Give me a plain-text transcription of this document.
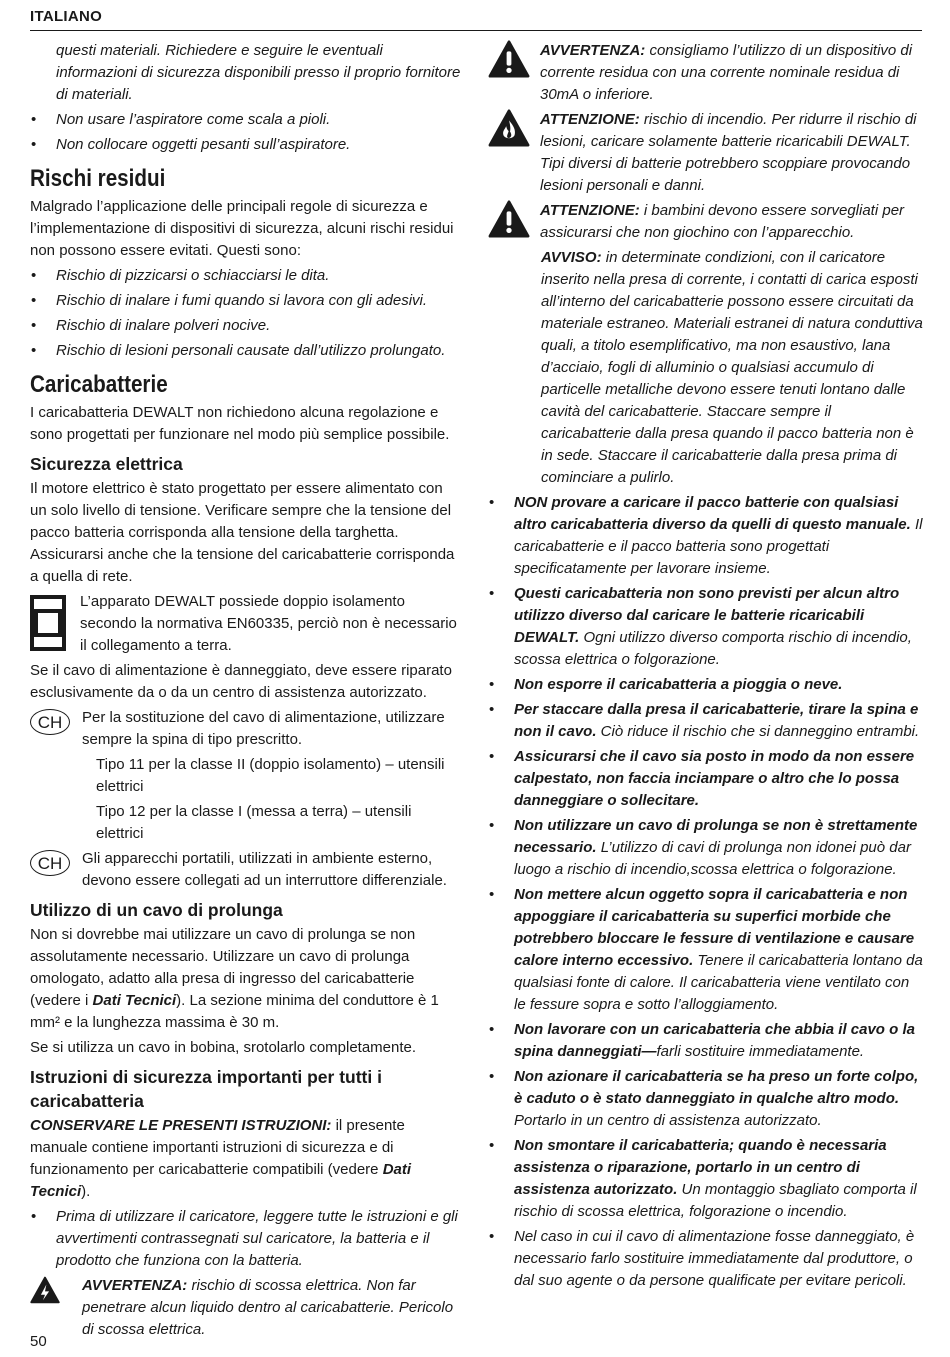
ITALIANO

questi materiali. Richiedere e seguire le eventuali informazioni di sicurezza disponibili presso il proprio fornitore di materiali.

• Non usare l’aspiratore come scala a pioli.
• Non collocare oggetti pesanti sull’aspiratore.
Rischi residui

Malgrado l’applicazione delle principali regole di sicurezza e l’implementazione di dispositivi di sicurezza, alcuni rischi residui non possono essere evitati. Questi sono:

• Rischio di pizzicarsi o schiacciarsi le dita.
• Rischio di inalare i fumi quando si lavora con gli adesivi.
• Rischio di inalare polveri nocive.
• Rischio di lesioni personali causate dall’utilizzo prolungato.
Caricabatterie

I caricabatteria DEWALT non richiedono alcuna regolazione e sono progettati per funzionare nel modo più semplice possibile.

Sicurezza elettrica

Il motore elettrico è stato progettato per essere alimentato con un solo livello di tensione. Verificare sempre che la tensione del pacco batteria corrisponda alla tensione della targhetta. Assicurarsi anche che la tensione del caricabatterie corrisponda a quella di rete.

L’apparato DEWALT possiede doppio isolamento secondo la normativa EN60335, perciò non è necessario il collegamento a terra.

Se il cavo di alimentazione è danneggiato, deve essere riparato esclusivamente da o da un centro di assistenza autorizzato.

CH	Per la sostituzione del cavo di alimentazione, utilizzare sempre la spina di tipo prescritto.

Tipo 11 per la classe II (doppio isolamento) – utensili elettrici

Tipo 12 per la classe I (messa a terra) – utensili elettrici

CH	Gli apparecchi portatili, utilizzati in ambiente esterno, devono essere collegati ad un interruttore differenziale.

Utilizzo di un cavo di prolunga

Non si dovrebbe mai utilizzare un cavo di prolunga se non assolutamente necessario. Utilizzare un cavo di prolunga omologato, adatto alla presa di ingresso del caricabatterie (vedere i Dati Tecnici). La sezione minima del conduttore è 1 mm² e la lunghezza massima è 30 m.

Se si utilizza un cavo in bobina, srotolarlo completamente.

Istruzioni di sicurezza importanti per tutti i caricabatteria

CONSERVARE LE PRESENTI ISTRUZIONI: il presente manuale contiene importanti istruzioni di sicurezza e di funzionamento per caricabatterie compatibili (vedere Dati Tecnici).

• Prima di utilizzare il caricatore, leggere tutte le istruzioni e gli avvertimenti contrassegnati sul caricatore, la batteria e il prodotto che funziona con la batteria.

AVVERTENZA: rischio di scossa elettrica. Non far penetrare alcun liquido dentro al caricabatterie. Pericolo di scossa elettrica.

AVVERTENZA: consigliamo l’utilizzo di un dispositivo di corrente residua con una corrente nominale residua di 30mA o inferiore.

ATTENZIONE: rischio di incendio. Per ridurre il rischio di lesioni, caricare solamente batterie ricaricabili DEWALT. Tipi diversi di batterie potrebbero scoppiare provocando lesioni personali e danni.

ATTENZIONE: i bambini devono essere sorvegliati per assicurarsi che non giochino con l’apparecchio.

AVVISO: in determinate condizioni, con il caricatore inserito nella presa di corrente, i contatti di carica esposti all’interno del caricabatterie possono essere circuitati da materiale estraneo. Materiali estranei di natura conduttiva quali, a titolo esemplificativo, ma non esaustivo, lana d’acciaio, fogli di alluminio o qualsiasi accumulo di particelle metalliche devono essere tenuti lontano dalle cavità del caricabatterie. Staccare sempre il caricabatterie dalla presa quando il pacco batteria non è in sede. Staccare il caricabatterie dalla presa prima di cominciare a pulirlo.

• NON provare a caricare il pacco batterie con qualsiasi altro caricabatteria diverso da quelli di questo manuale. Il caricabatterie e il pacco batteria sono progettati specificatamente per lavorare insieme.
• Questi caricabatteria non sono previsti per alcun altro utilizzo diverso dal caricare le batterie ricaricabili DEWALT. Ogni utilizzo diverso comporta rischio di incendio, scossa elettrica o folgorazione.
• Non esporre il caricabatteria a pioggia o neve.
• Per staccare dalla presa il caricabatterie, tirare la spina e non il cavo. Ciò riduce il rischio che si danneggino entrambi.
• Assicurarsi che il cavo sia posto in modo da non essere calpestato, non faccia inciampare o altro che lo possa danneggiare o sollecitare.
• Non utilizzare un cavo di prolunga se non è strettamente necessario. L’utilizzo di cavi di prolunga non idonei può dar luogo a rischio di incendio,scossa elettrica o folgorazione.
• Non mettere alcun oggetto sopra il caricabatteria e non appoggiare il caricabatteria su superfici morbide che potrebbero bloccare le fessure di ventilazione e causare calore interno eccessivo. Tenere il caricabatteria lontano da qualsiasi fonte di calore. Il caricabatteria viene ventilato con le fessure sopra e sotto l’alloggiamento.
• Non lavorare con un caricabatteria che abbia il cavo o la spina danneggiati—farli sostituire immediatamente.
• Non azionare il caricabatteria se ha preso un forte colpo, è caduto o è stato danneggiato in qualche altro modo. Portarlo in un centro di assistenza autorizzato.
• Non smontare il caricabatteria; quando è necessaria assistenza o riparazione, portarlo in un centro di assistenza autorizzato. Un montaggio sbagliato comporta il rischio di scossa elettrica, folgorazione o incendio.
• Nel caso in cui il cavo di alimentazione fosse danneggiato, è necessario farlo sostituire immediatamente dal produttore, o dal suo agente o da persone qualificate per evitare pericoli.
50
